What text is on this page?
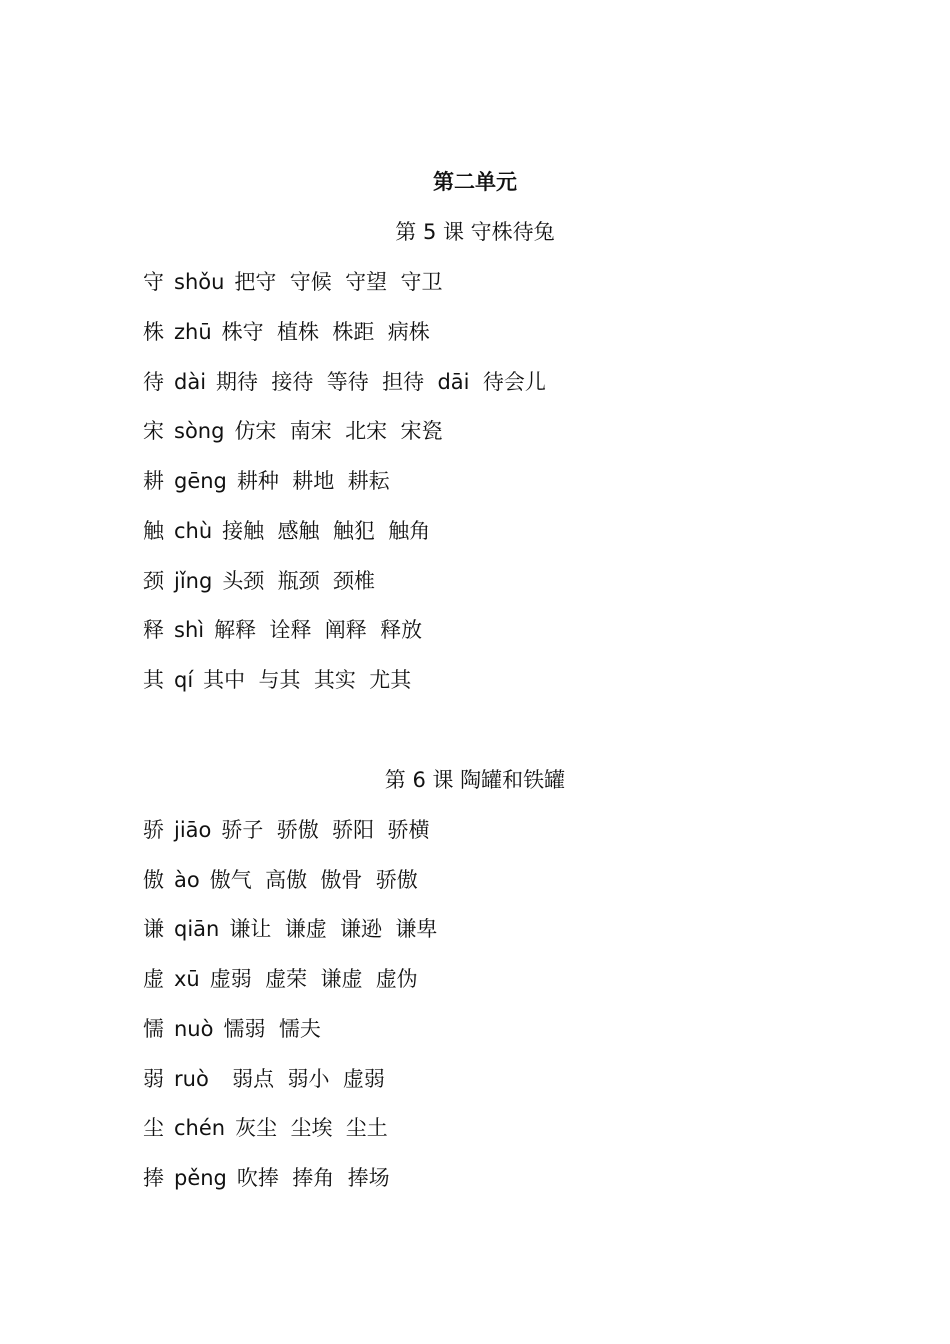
第二单元
第 5 课 守株待兔
守 shǒu 把守  守候  守望  守卫
株 zhū 株守  植株  株距  病株
待 dài 期待  接待  等待  担待  dāi  待会儿
宋 sòng 仿宋  南宋  北宋  宋瓷
耕 gēng 耕种  耕地  耕耘
触 chù 接触  感触  触犯  触角
颈 jǐng 头颈  瓶颈  颈椎
释 shì 解释  诠释  阐释  释放
其 qí 其中  与其  其实  尤其
第 6 课 陶罐和铁罐
骄 jiāo 骄子  骄傲  骄阳  骄横
傲 ào 傲气  高傲  傲骨  骄傲
谦 qiān 谦让  谦虚  谦逊  谦卑
虚 xū 虚弱  虚荣  谦虚  虚伪
懦 nuò 懦弱  懦夫
弱 ruò  弱点  弱小  虚弱
尘 chén 灰尘  尘埃  尘土
捧 pěng 吹捧  捧角  捧场
